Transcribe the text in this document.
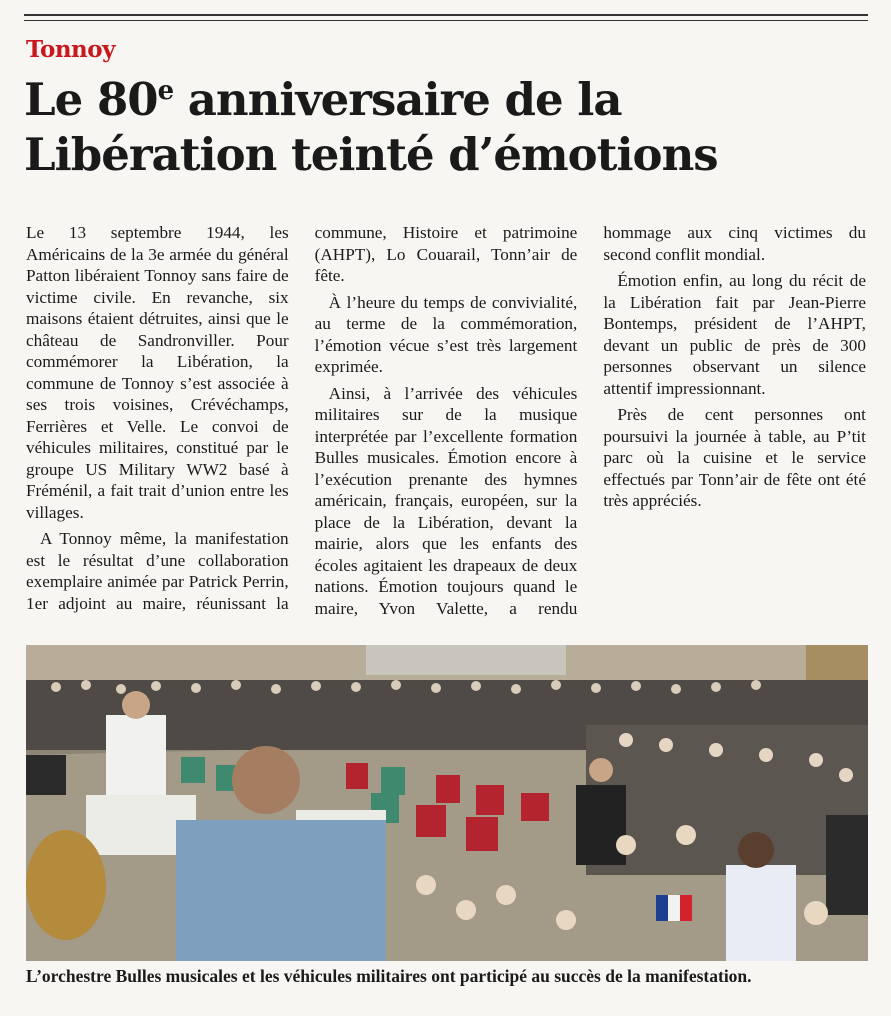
Tonnoy
Le 80e anniversaire de la
Libération teinté d’émotions

Le 13 septembre 1944, les Américains de la 3e armée du général Patton libéraient Tonnoy sans faire de victime civile. En revanche, six maisons étaient détruites, ainsi que le château de Sandronviller. Pour commémorer la Libération, la commune de Tonnoy s’est associée à ses trois voisines, Crévéchamps, Ferrières et Velle. Le convoi de véhicules militaires, constitué par le groupe US Military WW2 basé à Fréménil, a fait trait d’union entre les villages.

A Tonnoy même, la manifestation est le résultat d’une collaboration exemplaire animée par Patrick Perrin, 1er adjoint au maire, réunissant la commune, Histoire et patrimoine (AHPT), Lo Couarail, Tonn’air de fête.

À l’heure du temps de convivialité, au terme de la commémoration, l’émotion vécue s’est très largement exprimée.

Ainsi, à l’arrivée des véhicules militaires sur de la musique interprétée par l’excellente formation Bulles musicales. Émotion encore à l’exécution prenante des hymnes américain, français, européen, sur la place de la Libération, devant la mairie, alors que les enfants des écoles agitaient les drapeaux de deux nations. Émotion toujours quand le maire, Yvon Valette, a rendu hommage aux cinq victimes du second conflit mondial.

Émotion enfin, au long du récit de la Libération fait par Jean-Pierre Bontemps, président de l’AHPT, devant un public de près de 300 personnes observant un silence attentif impressionnant.

Près de cent personnes ont poursuivi la journée à table, au P’tit parc où la cuisine et le service effectués par Tonn’air de fête ont été très appréciés.

L’orchestre Bulles musicales et les véhicules militaires ont participé au succès de la manifestation.
